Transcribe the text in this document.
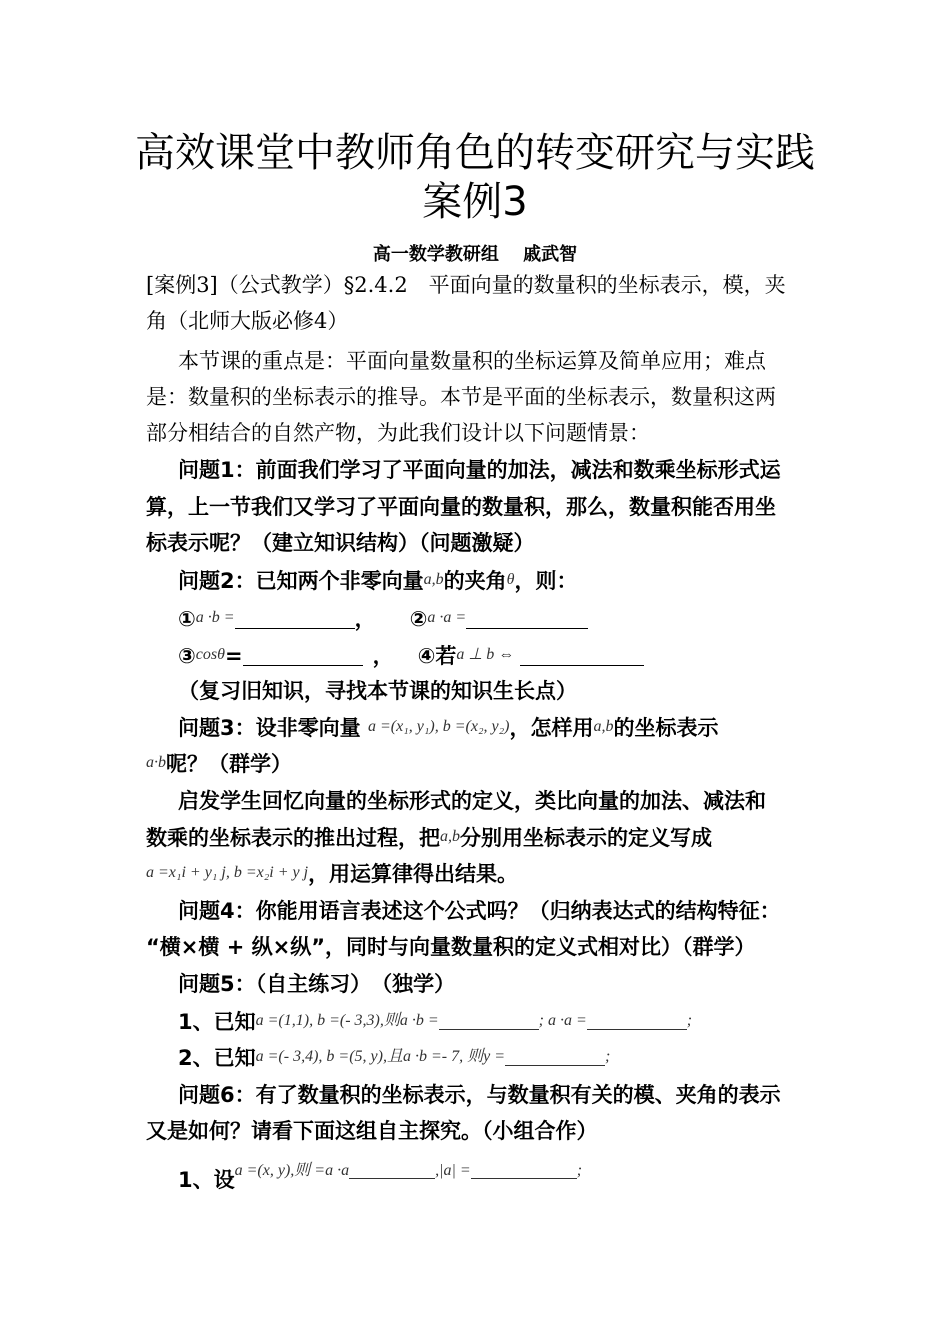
高效课堂中教师角色的转变研究与实践
案例3
高一数学教研组　 戚武智
[案例3]（公式教学）§2.4.2　平面向量的数量积的坐标表示，模，夹
角（北师大版必修4）
本节课的重点是：平面向量数量积的坐标运算及简单应用；难点
是：数量积的坐标表示的推导。本节是平面的坐标表示，数量积这两
部分相结合的自然产物，为此我们设计以下问题情景：
问题1：前面我们学习了平面向量的加法，减法和数乘坐标形式运
算，上一节我们又学习了平面向量的数量积，那么，数量积能否用坐
标表示呢？（建立知识结构）（问题激疑）
问题2：已知两个非零向量a,b的夹角θ，则：
①a ·b =	， ②a ·a =
③cosθ=	， ④若a ⊥ b ⇔
（复习旧知识，寻找本节课的知识生长点）
问题3：设非零向量 a =(x₁, y₁), b =(x₂, y₂)，怎样用a,b的坐标表示
a·b呢？（群学）
启发学生回忆向量的坐标形式的定义，类比向量的加法、减法和
数乘的坐标表示的推出过程，把a,b分别用坐标表示的定义写成
a =x₁i + y₁ j, b =x₂i + y j，用运算律得出结果。
问题4：你能用语言表述这个公式吗？（归纳表达式的结构特征：
“横×横 + 纵×纵”，同时与向量数量积的定义式相对比）（群学）
问题5：（自主练习）　（独学）
1、已知a =(1,1), b =(- 3,3),则a ·b =	; a ·a =	;
2、已知a =(- 3,4), b =(5, y),且a ·b =- 7, 则y =	;
问题6：有了数量积的坐标表示，与数量积有关的模、夹角的表示
又是如何？请看下面这组自主探究。（小组合作）
1、设$^{a =(x, y),则 =a \cdot a}$	$^{,|a| =}$	;
